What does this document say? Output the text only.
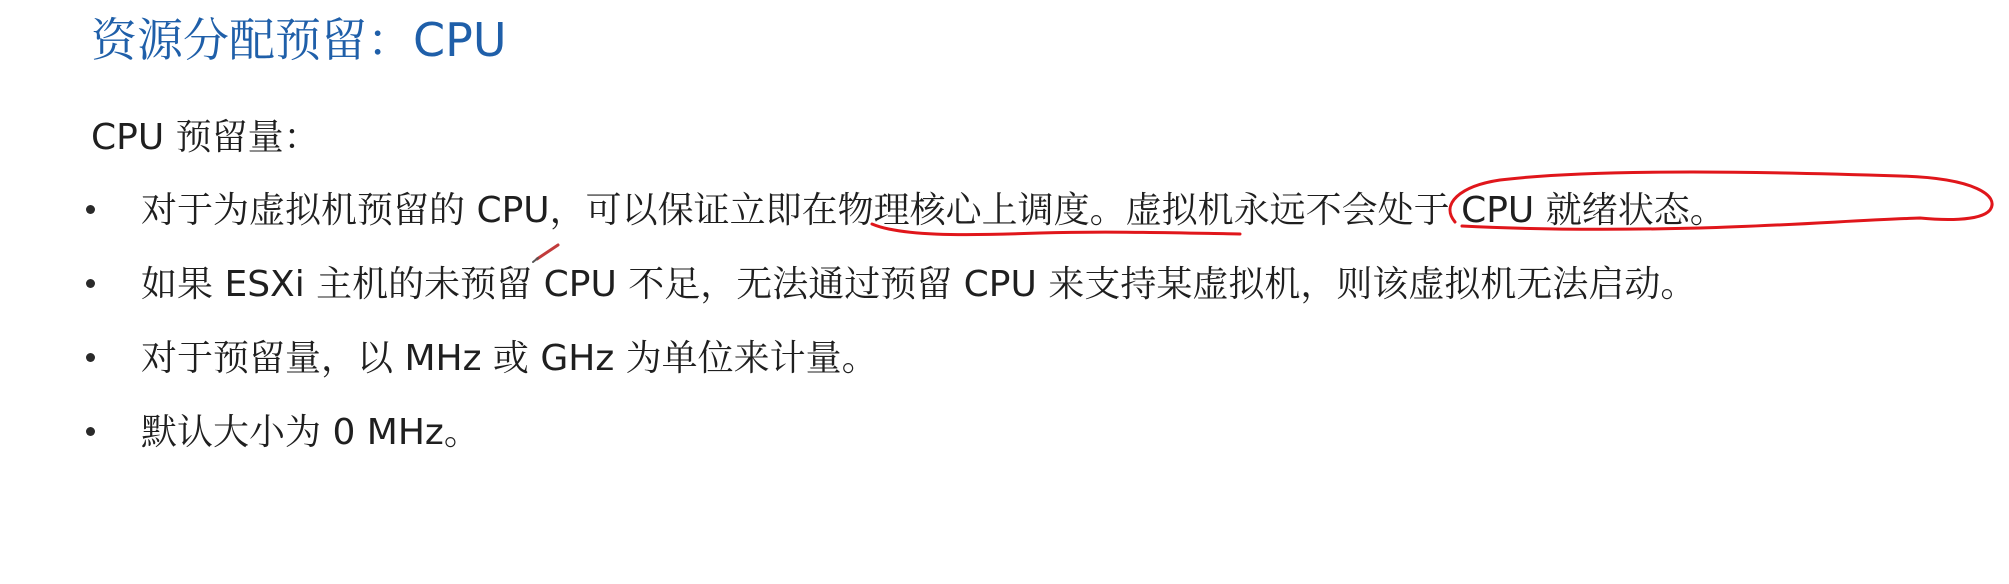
资源分配预留：CPU

CPU 预留量：

对于为虚拟机预留的 CPU，可以保证立即在物理核心上调度。虚拟机永远不会处于 CPU 就绪状态。
如果 ESXi 主机的未预留 CPU 不足，无法通过预留 CPU 来支持某虚拟机，则该虚拟机无法启动。
对于预留量，以 MHz 或 GHz 为单位来计量。
默认大小为 0 MHz。
